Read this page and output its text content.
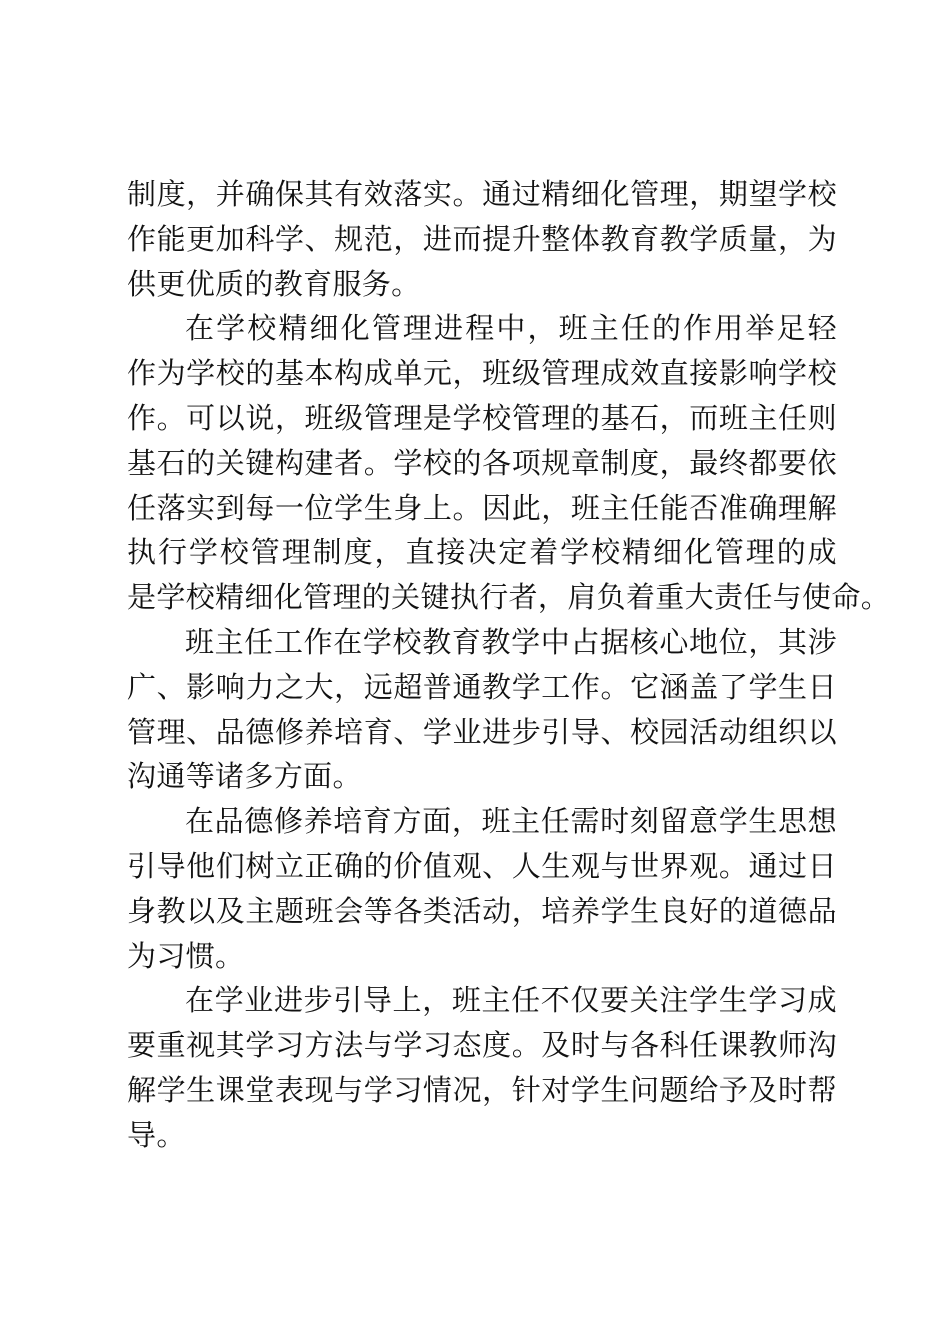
制度，并确保其有效落实。通过精细化管理，期望学校
作能更加科学、规范，进而提升整体教育教学质量，为
供更优质的教育服务。
在学校精细化管理进程中，班主任的作用举足轻
作为学校的基本构成单元，班级管理成效直接影响学校
作。可以说，班级管理是学校管理的基石，而班主任则
基石的关键构建者。学校的各项规章制度，最终都要依
任落实到每一位学生身上。因此，班主任能否准确理解
执行学校管理制度，直接决定着学校精细化管理的成
是学校精细化管理的关键执行者，肩负着重大责任与使命。
班主任工作在学校教育教学中占据核心地位，其涉
广、影响力之大，远超普通教学工作。它涵盖了学生日
管理、品德修养培育、学业进步引导、校园活动组织以
沟通等诸多方面。
在品德修养培育方面，班主任需时刻留意学生思想
引导他们树立正确的价值观、人生观与世界观。通过日
身教以及主题班会等各类活动，培养学生良好的道德品
为习惯。
在学业进步引导上，班主任不仅要关注学生学习成
要重视其学习方法与学习态度。及时与各科任课教师沟
解学生课堂表现与学习情况，针对学生问题给予及时帮
导。
